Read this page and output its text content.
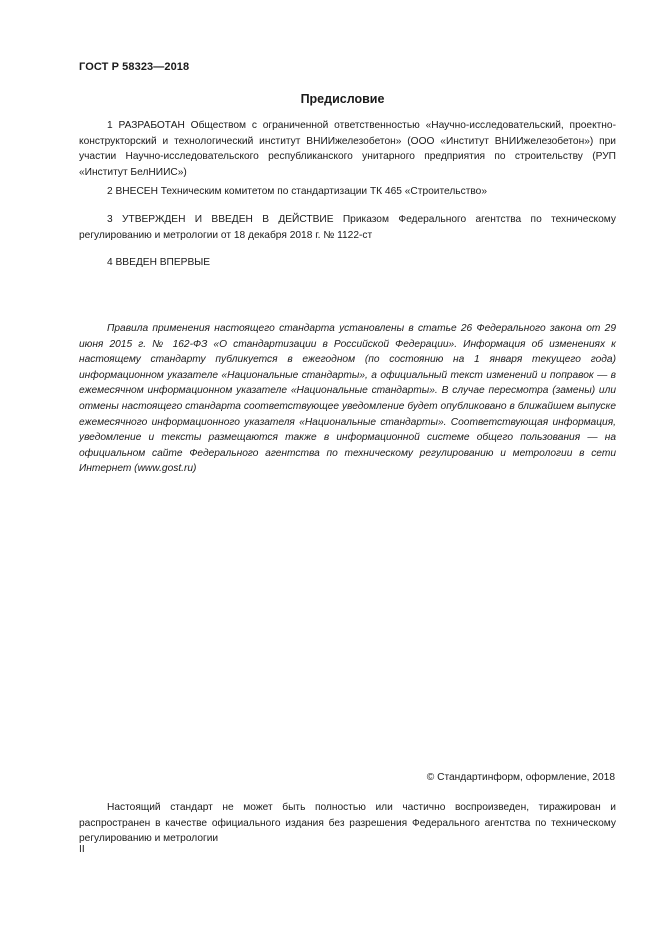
ГОСТ Р 58323—2018
Предисловие

1 РАЗРАБОТАН Обществом с ограниченной ответственностью «Научно-исследовательский, проектно-конструкторский и технологический институт ВНИИжелезобетон» (ООО «Институт ВНИИжелезобетон») при участии Научно-исследовательского республиканского унитарного предприятия по строительству (РУП «Институт БелНИИС»)

2 ВНЕСЕН Техническим комитетом по стандартизации ТК 465 «Строительство»

3 УТВЕРЖДЕН И ВВЕДЕН В ДЕЙСТВИЕ Приказом Федерального агентства по техническому регулированию и метрологии от 18 декабря 2018 г. № 1122-ст

4 ВВЕДЕН ВПЕРВЫЕ

Правила применения настоящего стандарта установлены в статье 26 Федерального закона от 29 июня 2015 г. № 162-ФЗ «О стандартизации в Российской Федерации». Информация об изменениях к настоящему стандарту публикуется в ежегодном (по состоянию на 1 января текущего года) информационном указателе «Национальные стандарты», а официальный текст изменений и поправок — в ежемесячном информационном указателе «Национальные стандарты». В случае пересмотра (замены) или отмены настоящего стандарта соответствующее уведомление будет опубликовано в ближайшем выпуске ежемесячного информационного указателя «Национальные стандарты». Соответствующая информация, уведомление и тексты размещаются также в информационной системе общего пользования — на официальном сайте Федерального агентства по техническому регулированию и метрологии в сети Интернет (www.gost.ru)

© Стандартинформ, оформление, 2018

Настоящий стандарт не может быть полностью или частично воспроизведен, тиражирован и распространен в качестве официального издания без разрешения Федерального агентства по техническому регулированию и метрологии

II
